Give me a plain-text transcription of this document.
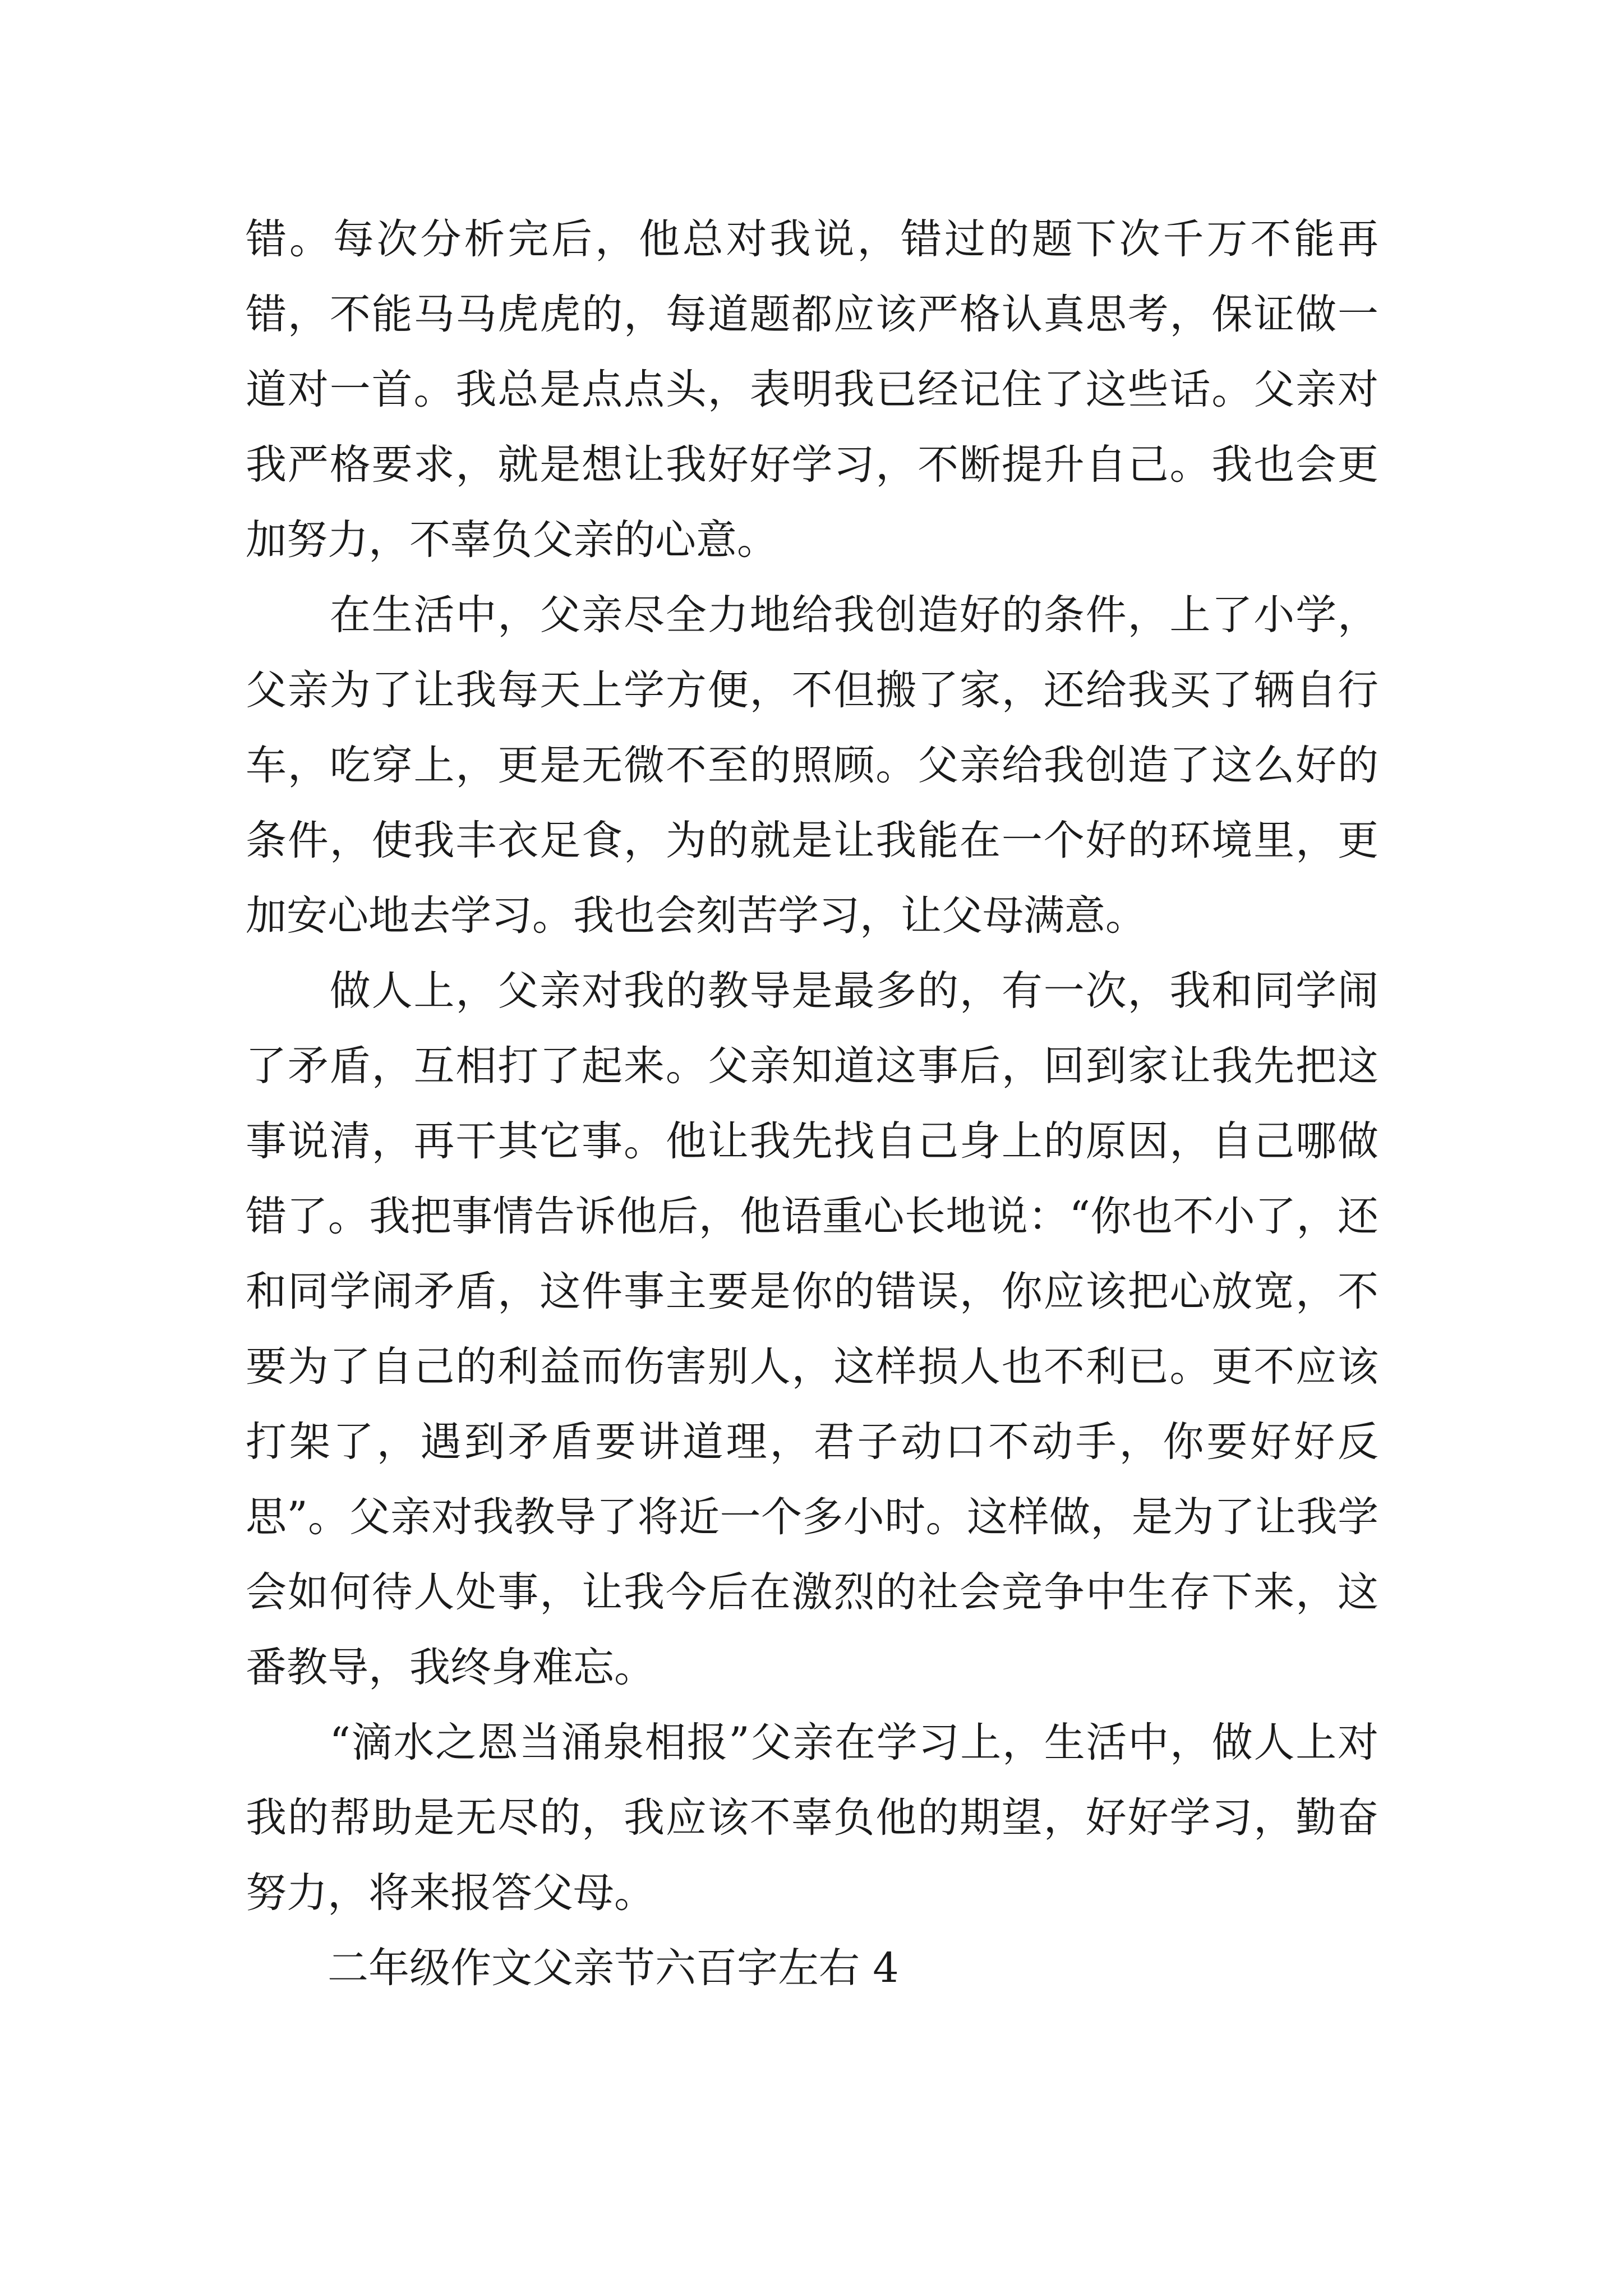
错。每次分析完后，他总对我说，错过的题下次千万不能再错，不能马马虎虎的，每道题都应该严格认真思考，保证做一道对一首。我总是点点头，表明我已经记住了这些话。父亲对我严格要求，就是想让我好好学习，不断提升自己。我也会更加努力，不辜负父亲的心意。

　　在生活中，父亲尽全力地给我创造好的条件，上了小学，父亲为了让我每天上学方便，不但搬了家，还给我买了辆自行车，吃穿上，更是无微不至的照顾。父亲给我创造了这么好的条件，使我丰衣足食，为的就是让我能在一个好的环境里，更加安心地去学习。我也会刻苦学习，让父母满意。

　　做人上，父亲对我的教导是最多的，有一次，我和同学闹了矛盾，互相打了起来。父亲知道这事后，回到家让我先把这事说清，再干其它事。他让我先找自己身上的原因，自己哪做错了。我把事情告诉他后，他语重心长地说：“你也不小了，还和同学闹矛盾，这件事主要是你的错误，你应该把心放宽，不要为了自己的利益而伤害别人，这样损人也不利已。更不应该打架了，遇到矛盾要讲道理，君子动口不动手，你要好好反思”。父亲对我教导了将近一个多小时。这样做，是为了让我学会如何待人处事，让我今后在激烈的社会竞争中生存下来，这番教导，我终身难忘。

　　“滴水之恩当涌泉相报”父亲在学习上，生活中，做人上对我的帮助是无尽的，我应该不辜负他的期望，好好学习，勤奋努力，将来报答父母。

　　二年级作文父亲节六百字左右 4
